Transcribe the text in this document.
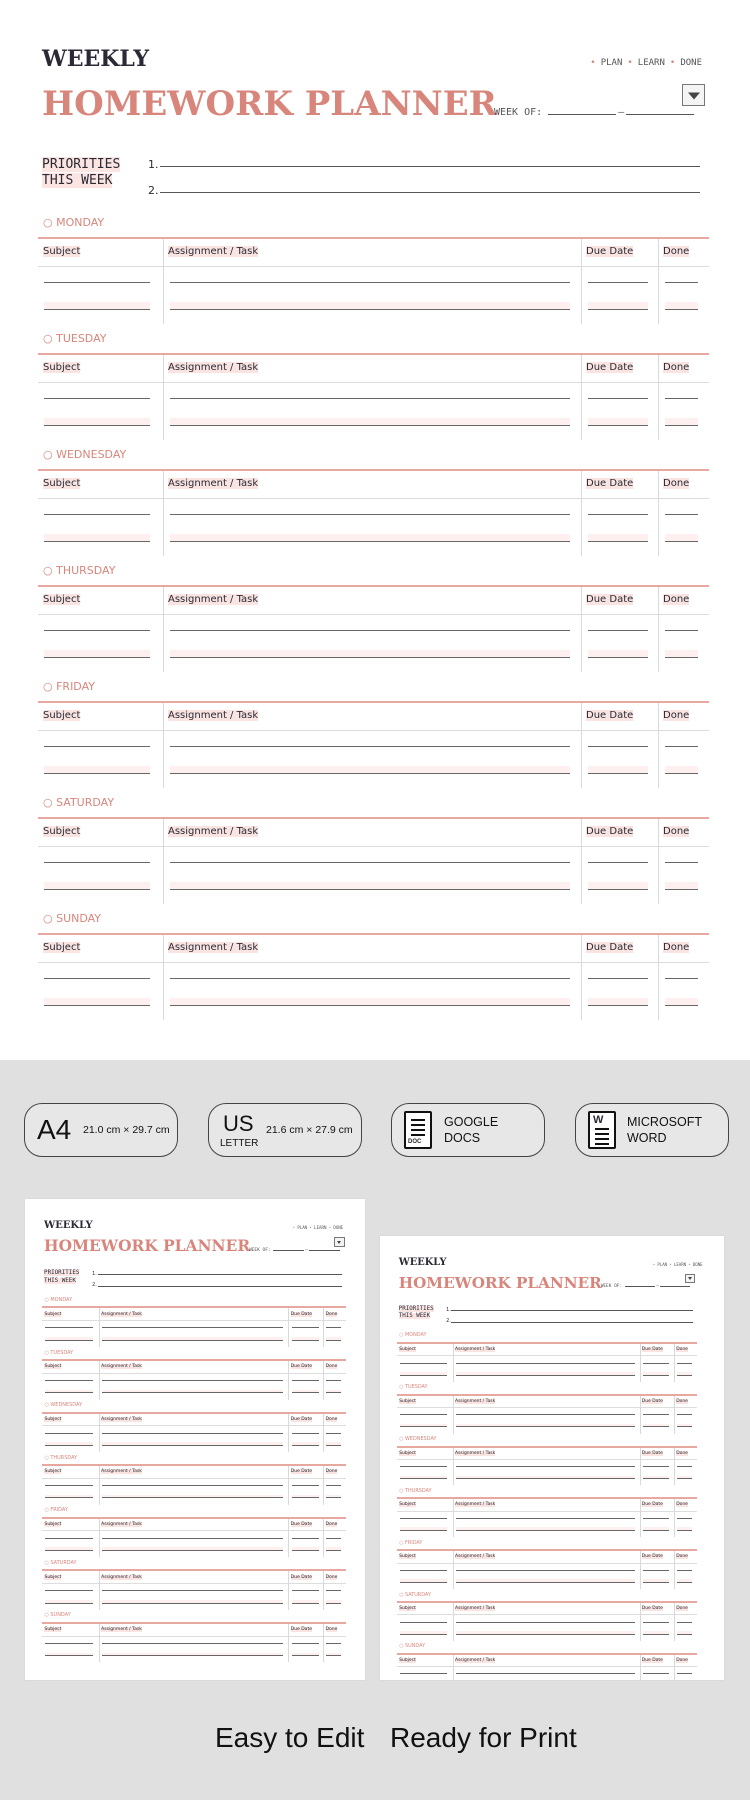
WEEKLY
HOMEWORK PLANNER
• PLAN • LEARN • DONE
WEEK OF:	–
PRIORITIES
THIS WEEK
1.
2.
○ MONDAY
Subject	Assignment / Task	Due Date	Done
○ TUESDAY
Subject	Assignment / Task	Due Date	Done
○ WEDNESDAY
Subject	Assignment / Task	Due Date	Done
○ THURSDAY
Subject	Assignment / Task	Due Date	Done
○ FRIDAY
Subject	Assignment / Task	Due Date	Done
○ SATURDAY
Subject	Assignment / Task	Due Date	Done
○ SUNDAY
Subject	Assignment / Task	Due Date	Done
A4 21.0 cm × 29.7 cm US
LETTER
21.6 cm × 27.9 cm
DOC
GOOGLE
DOCS
W MICROSOFT
WORD
WEEKLY
HOMEWORK PLANNER
• PLAN • LEARN • DONE
WEEK OF:	–
PRIORITIES
THIS WEEK
1.
2.
○ MONDAY
Subject	Assignment / Task	Due Date	Done
○ TUESDAY
Subject	Assignment / Task	Due Date	Done
○ WEDNESDAY
Subject	Assignment / Task	Due Date	Done
○ THURSDAY
Subject	Assignment / Task	Due Date	Done
○ FRIDAY
Subject	Assignment / Task	Due Date	Done
○ SATURDAY
Subject	Assignment / Task	Due Date	Done
○ SUNDAY
Subject	Assignment / Task	Due Date	Done
WEEKLY
HOMEWORK PLANNER
• PLAN • LEARN • DONE
WEEK OF:	–
PRIORITIES
THIS WEEK
1.
2.
○ MONDAY
Subject	Assignment / Task	Due Date	Done
○ TUESDAY
Subject	Assignment / Task	Due Date	Done
○ WEDNESDAY
Subject	Assignment / Task	Due Date	Done
○ THURSDAY
Subject	Assignment / Task	Due Date	Done
○ FRIDAY
Subject	Assignment / Task	Due Date	Done
○ SATURDAY
Subject	Assignment / Task	Due Date	Done
○ SUNDAY
Subject	Assignment / Task	Due Date	Done
Easy to Edit Ready for Print
